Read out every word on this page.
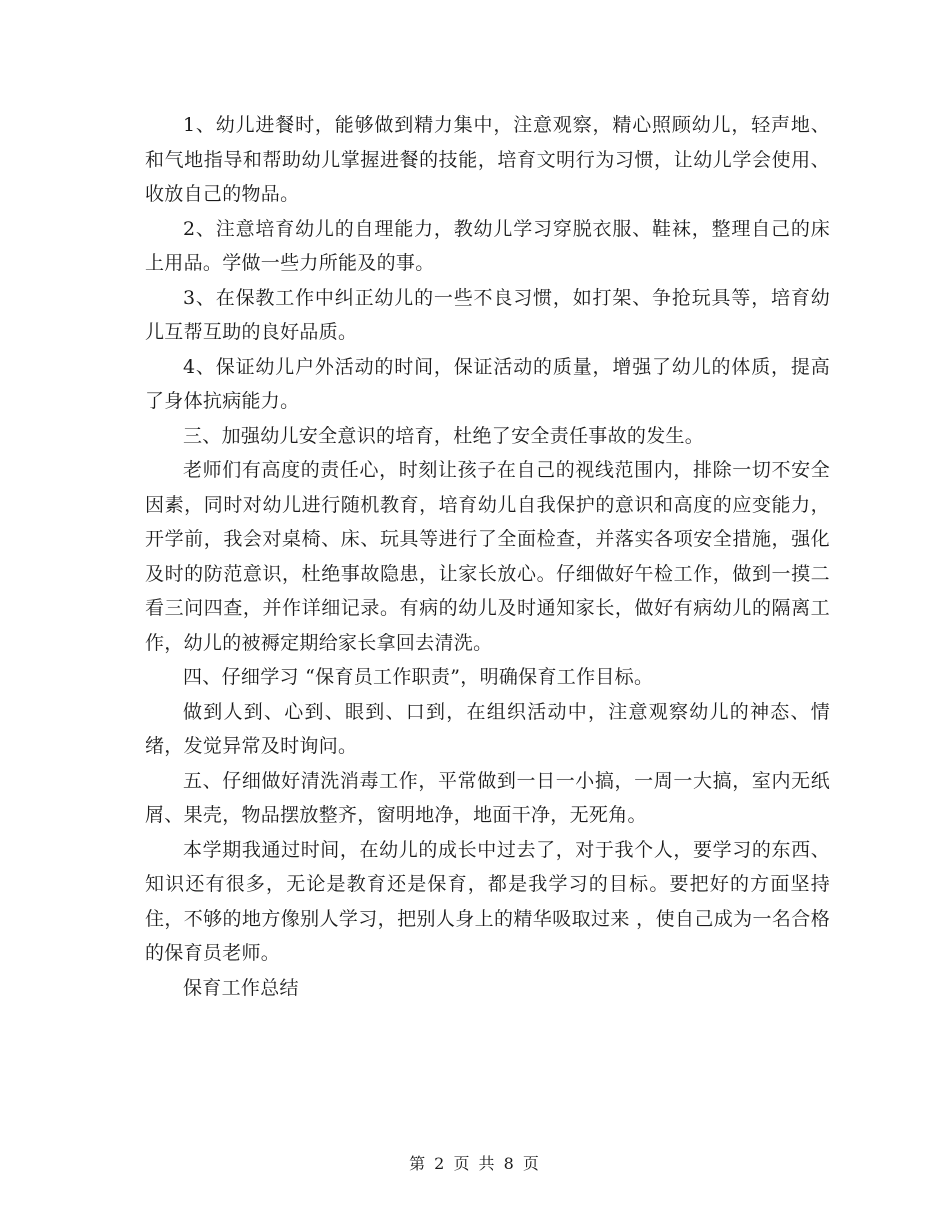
1、幼儿进餐时，能够做到精力集中，注意观察，精心照顾幼儿，轻声地、和气地指导和帮助幼儿掌握进餐的技能，培育文明行为习惯，让幼儿学会使用、收放自己的物品。

2、注意培育幼儿的自理能力，教幼儿学习穿脱衣服、鞋袜，整理自己的床上用品。学做一些力所能及的事。

3、在保教工作中纠正幼儿的一些不良习惯，如打架、争抢玩具等，培育幼儿互帮互助的良好品质。

4、保证幼儿户外活动的时间，保证活动的质量，增强了幼儿的体质，提高了身体抗病能力。

三、加强幼儿安全意识的培育，杜绝了安全责任事故的发生。

老师们有高度的责任心，时刻让孩子在自己的视线范围内，排除一切不安全因素，同时对幼儿进行随机教育，培育幼儿自我保护的意识和高度的应变能力，开学前，我会对桌椅、床、玩具等进行了全面检查，并落实各项安全措施，强化及时的防范意识，杜绝事故隐患，让家长放心。仔细做好午检工作，做到一摸二看三问四查，并作详细记录。有病的幼儿及时通知家长，做好有病幼儿的隔离工作，幼儿的被褥定期给家长拿回去清洗。

四、仔细学习 “保育员工作职责”，明确保育工作目标。

做到人到、心到、眼到、口到，在组织活动中，注意观察幼儿的神态、情绪，发觉异常及时询问。

五、仔细做好清洗消毒工作，平常做到一日一小搞，一周一大搞，室内无纸屑、果壳，物品摆放整齐，窗明地净，地面干净，无死角。

本学期我通过时间，在幼儿的成长中过去了，对于我个人，要学习的东西、知识还有很多，无论是教育还是保育，都是我学习的目标。要把好的方面坚持住，不够的地方像别人学习，把别人身上的精华吸取过来 ，使自己成为一名合格的保育员老师。

保育工作总结

第 2 页 共 8 页
